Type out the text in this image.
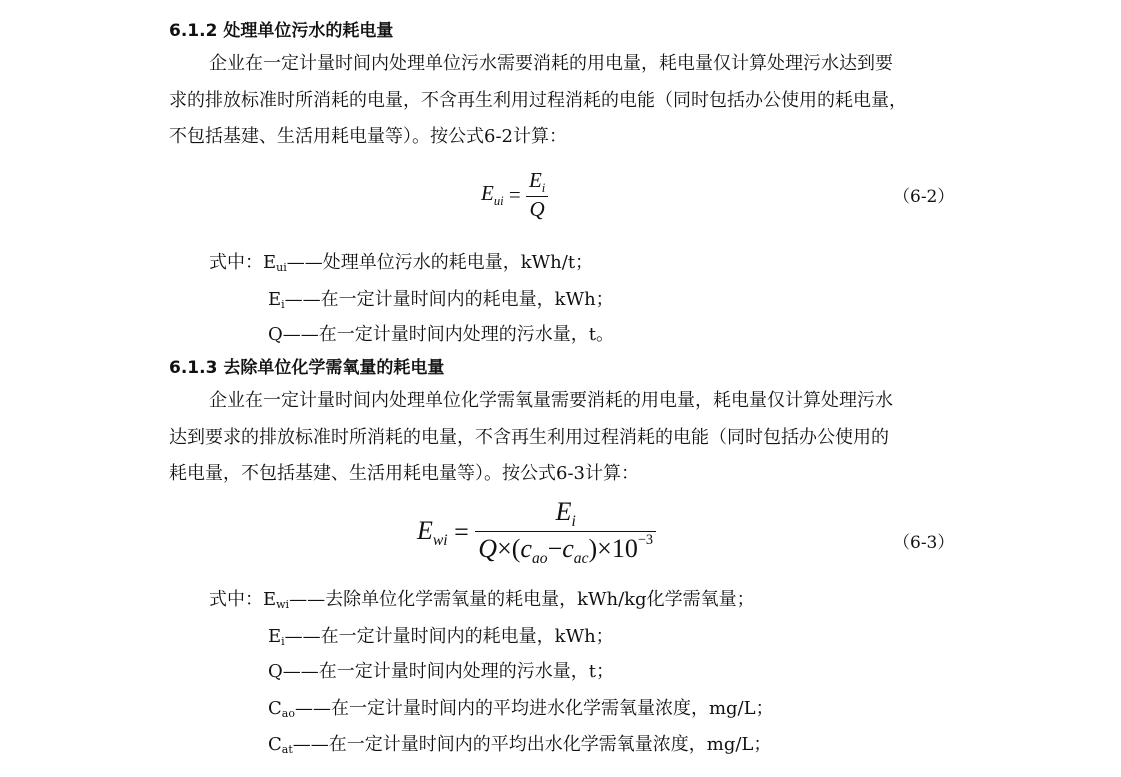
6.1.2 处理单位污水的耗电量
企业在一定计量时间内处理单位污水需要消耗的用电量，耗电量仅计算处理污水达到要
求的排放标准时所消耗的电量，不含再生利用过程消耗的电能（同时包括办公使用的耗电量，
不包括基建、生活用耗电量等）。按公式6-2计算：
$E_{ui} = \frac{E_i}{Q}$	（6-2）
式中：$E_{ui}——$处理单位污水的耗电量，kWh/t；
$E_i——$在一定计量时间内的耗电量，kWh；
Q——在一定计量时间内处理的污水量，t。
6.1.3 去除单位化学需氧量的耗电量
企业在一定计量时间内处理单位化学需氧量需要消耗的用电量，耗电量仅计算处理污水
达到要求的排放标准时所消耗的电量，不含再生利用过程消耗的电能（同时包括办公使用的
耗电量，不包括基建、生活用耗电量等）。按公式6-3计算：
$E_{wi} = \frac{E_i}{Q\times(c_{ao}-c_{ac})\times 10^{-3}}$	（6-3）
式中：$E_{wi}——$去除单位化学需氧量的耗电量，kWh/kg化学需氧量；
$E_i——$在一定计量时间内的耗电量，kWh；
Q——在一定计量时间内处理的污水量，t；
$C_{ao}——$在一定计量时间内的平均进水化学需氧量浓度，mg/L；
$C_{at}——$在一定计量时间内的平均出水化学需氧量浓度，mg/L；
